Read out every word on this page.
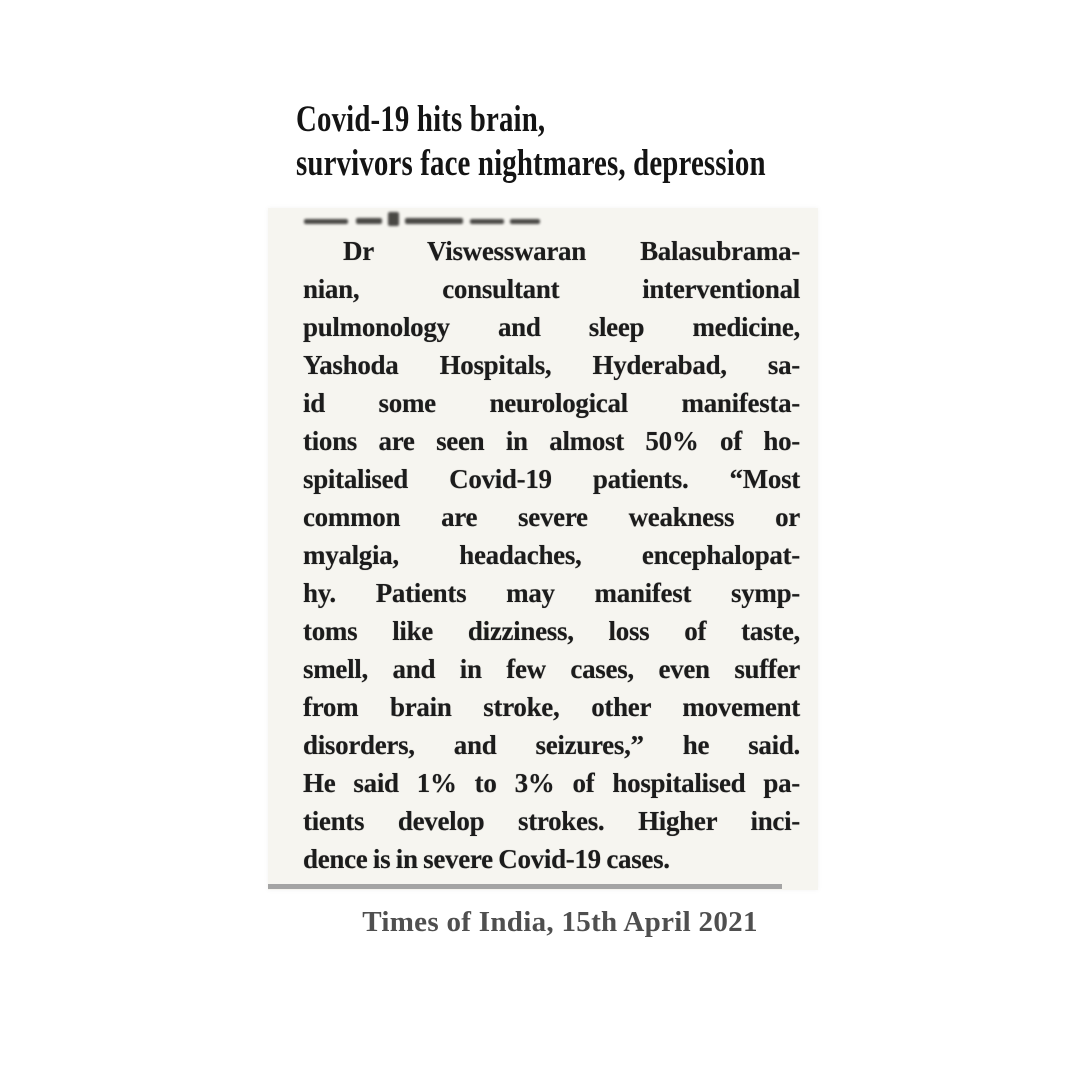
Covid-19 hits brain,
survivors face nightmares, depression
Dr Viswesswaran Balasubrama-
nian, consultant interventional
pulmonology and sleep medicine,
Yashoda Hospitals, Hyderabad, sa-
id some neurological manifesta-
tions are seen in almost 50% of ho-
spitalised Covid-19 patients. “Most
common are severe weakness or
myalgia, headaches, encephalopat-
hy. Patients may manifest symp-
toms like dizziness, loss of taste,
smell, and in few cases, even suffer
from brain stroke, other movement
disorders, and seizures,” he said.
He said 1% to 3% of hospitalised pa-
tients develop strokes. Higher inci-
dence is in severe Covid-19 cases.
Times of India, 15th April 2021
